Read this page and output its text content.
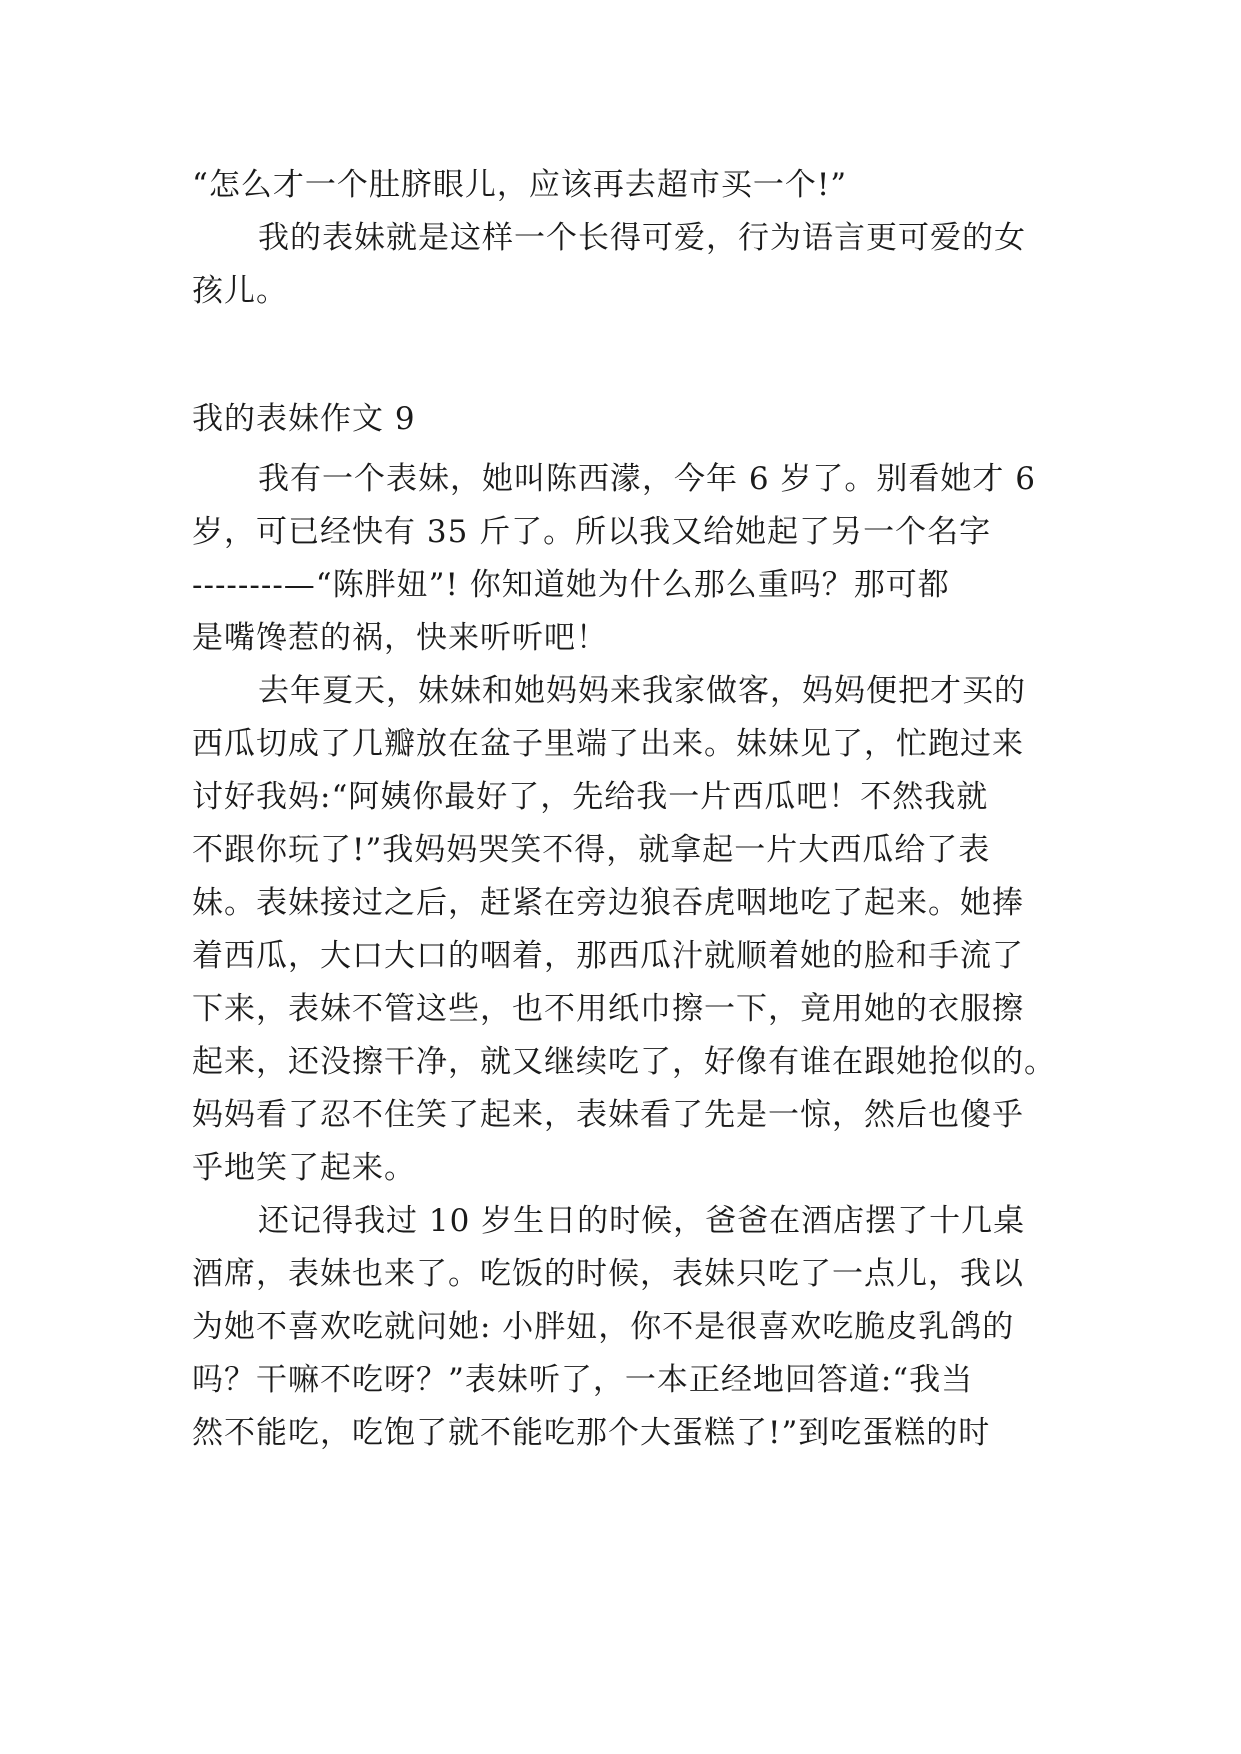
“怎么才一个肚脐眼儿，应该再去超市买一个!”
我的表妹就是这样一个长得可爱，行为语言更可爱的女
孩儿。
我的表妹作文 9
我有一个表妹，她叫陈西濛，今年 6 岁了。别看她才 6
岁，可已经快有 35 斤了。所以我又给她起了另一个名字
--------—“陈胖妞”! 你知道她为什么那么重吗？那可都
是嘴馋惹的祸，快来听听吧！
去年夏天，妹妹和她妈妈来我家做客，妈妈便把才买的
西瓜切成了几瓣放在盆子里端了出来。妹妹见了，忙跑过来
讨好我妈:“阿姨你最好了，先给我一片西瓜吧！不然我就
不跟你玩了!”我妈妈哭笑不得，就拿起一片大西瓜给了表
妹。表妹接过之后，赶紧在旁边狼吞虎咽地吃了起来。她捧
着西瓜，大口大口的咽着，那西瓜汁就顺着她的脸和手流了
下来，表妹不管这些，也不用纸巾擦一下，竟用她的衣服擦
起来，还没擦干净，就又继续吃了，好像有谁在跟她抢似的。
妈妈看了忍不住笑了起来，表妹看了先是一惊，然后也傻乎
乎地笑了起来。
还记得我过 10 岁生日的时候，爸爸在酒店摆了十几桌
酒席，表妹也来了。吃饭的时候，表妹只吃了一点儿，我以
为她不喜欢吃就问她: 小胖妞，你不是很喜欢吃脆皮乳鸽的
吗？干嘛不吃呀？”表妹听了，一本正经地回答道:“我当
然不能吃，吃饱了就不能吃那个大蛋糕了!”到吃蛋糕的时
